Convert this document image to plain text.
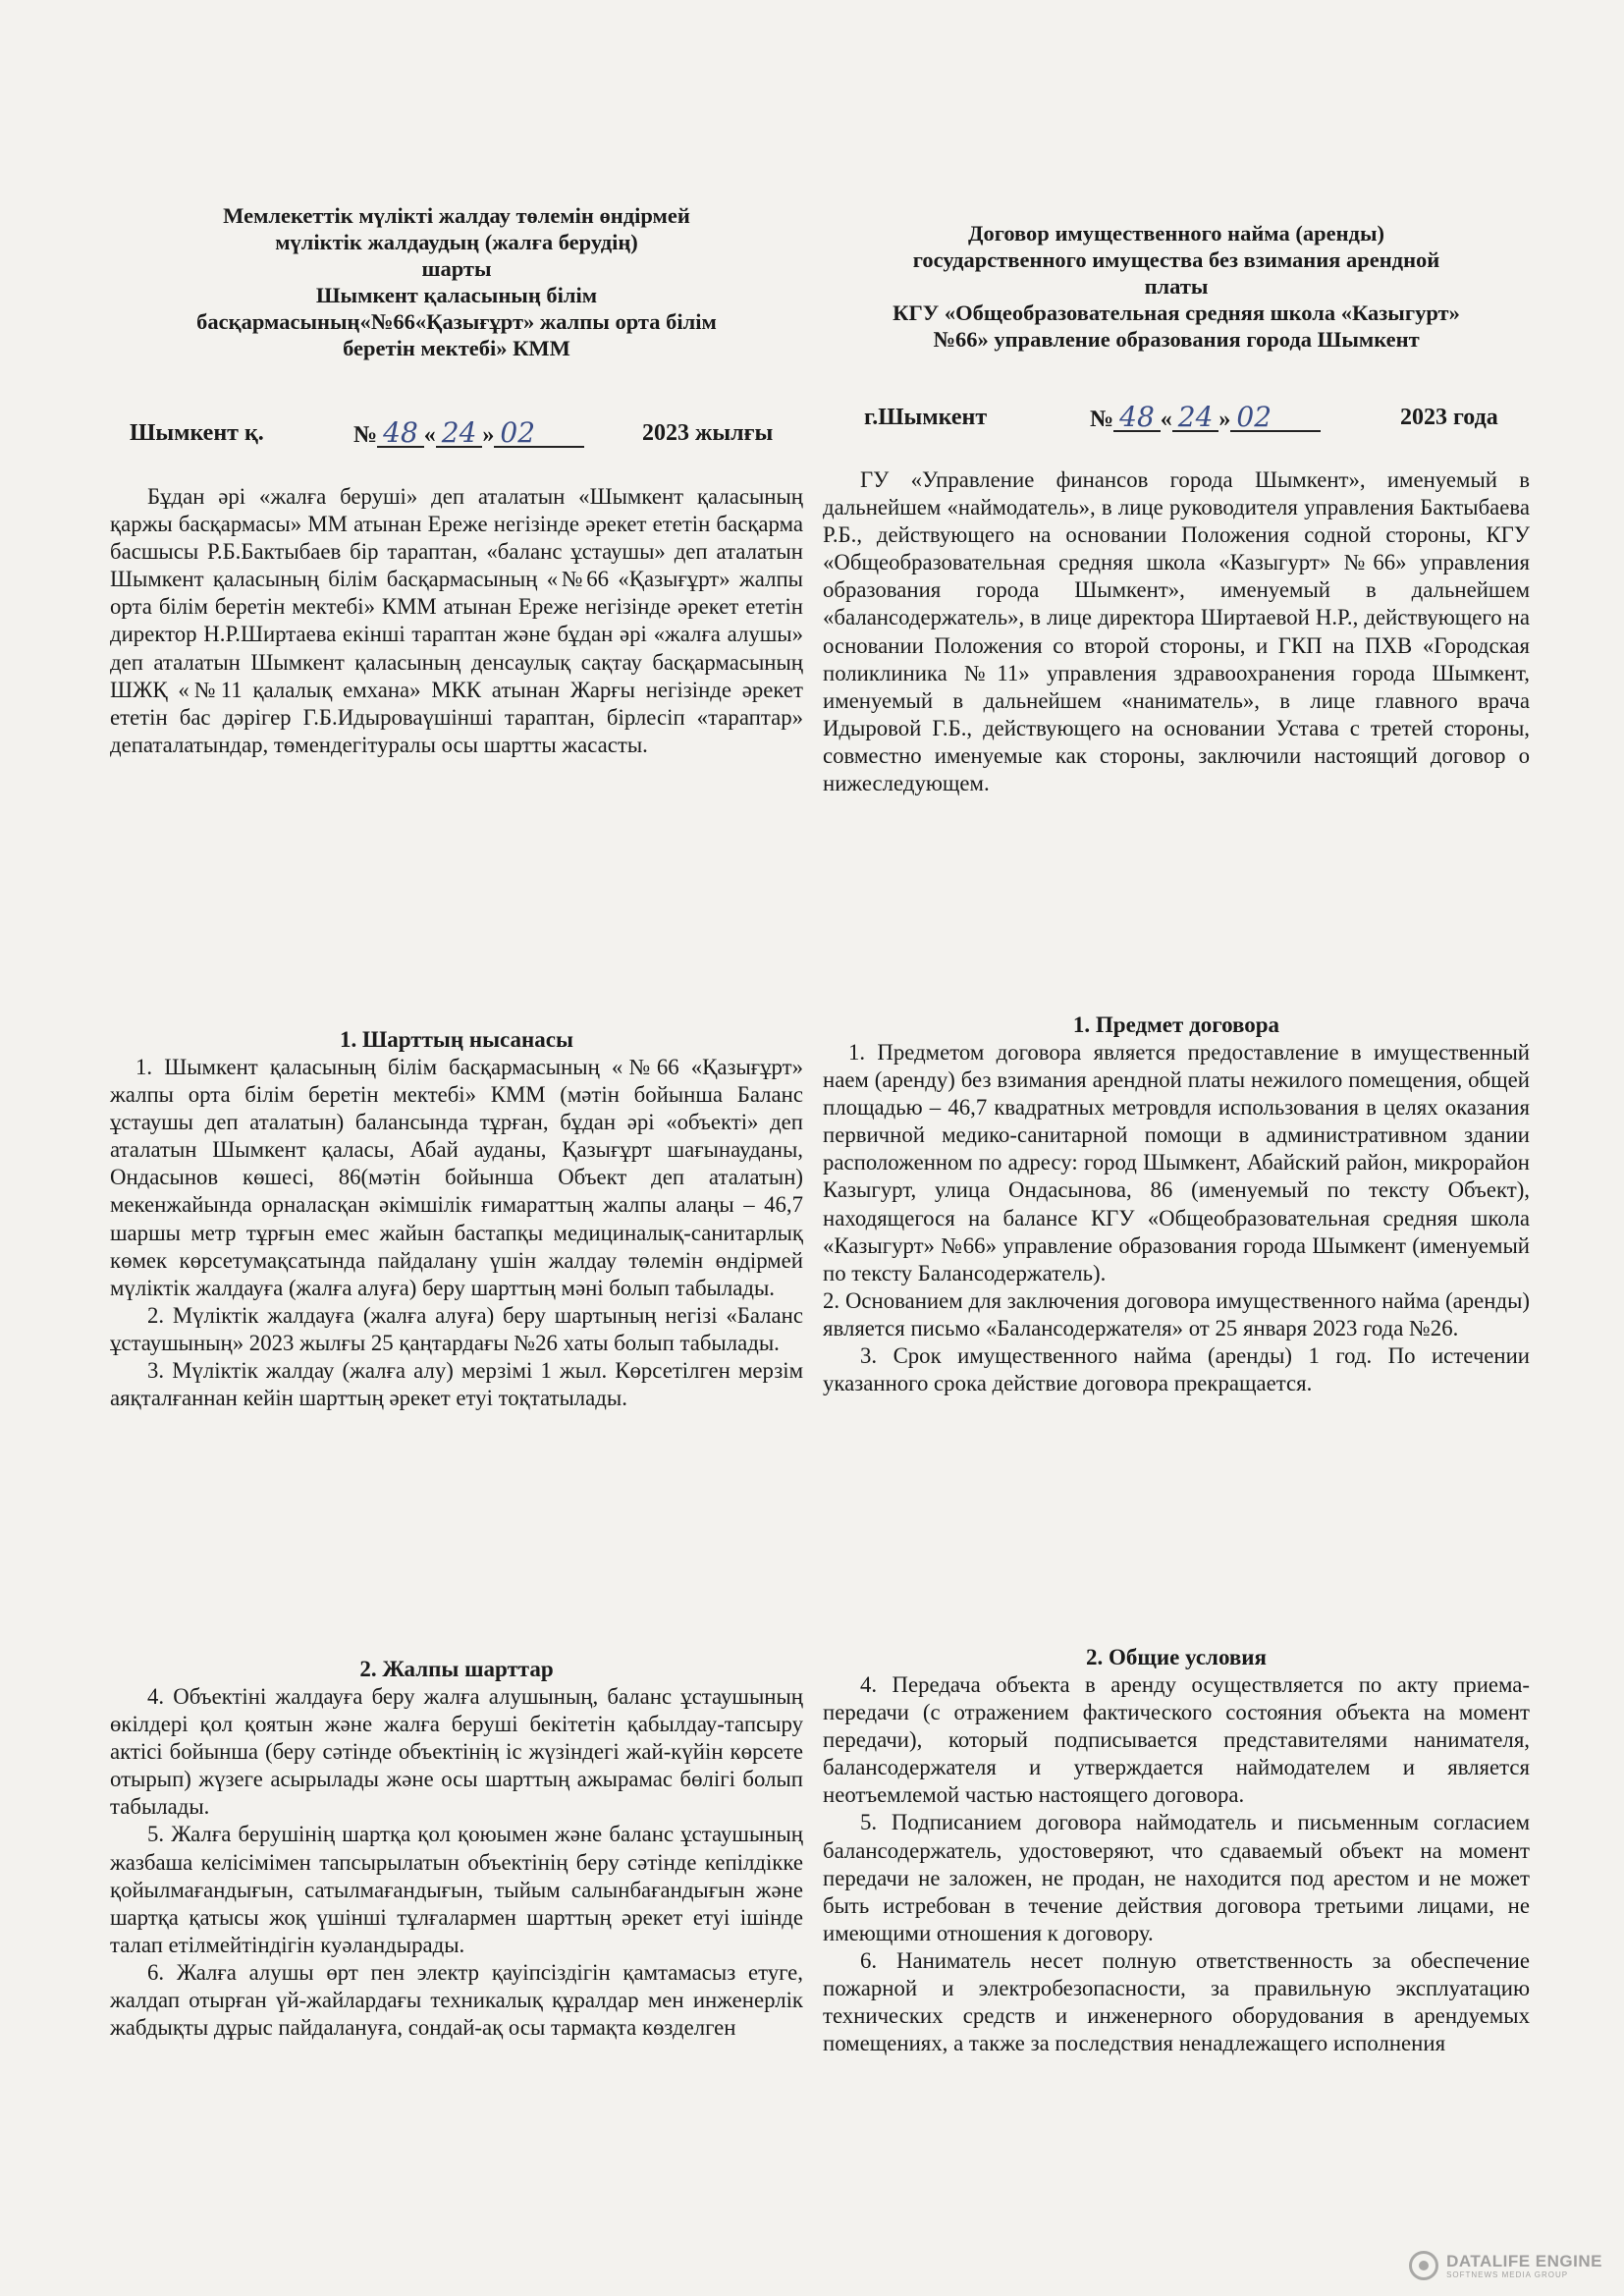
Мемлекеттік мүлікті жалдау төлемін өндірмей
мүліктік жалдаудың (жалға берудің)
шарты
Шымкент қаласының білім
басқармасының«№66«Қазығұрт» жалпы орта білім
беретін мектебі» КММ
Шымкент қ.	№ 48 « 24 » 02	2023 жылғы
Бұдан әрі «жалға беруші» деп аталатын «Шымкент қаласының қаржы басқармасы» ММ атынан Ереже негізінде әрекет ететін басқарма басшысы Р.Б.Бактыбаев бір тараптан, «баланс ұстаушы» деп аталатын Шымкент қаласының білім басқармасының «№66 «Қазығұрт» жалпы орта білім беретін мектебі» КММ атынан Ереже негізінде әрекет ететін директор Н.Р.Ширтаева екінші тараптан және бұдан әрі «жалға алушы» деп аталатын Шымкент қаласының денсаулық сақтау басқармасының ШЖҚ «№11 қалалық емхана» МКК атынан Жарғы негізінде әрекет ететін бас дәрігер Г.Б.Идыроваүшінші тараптан, бірлесіп «тараптар» депаталатындар, төмендегітуралы осы шартты жасасты.
1. Шарттың нысанасы

1. Шымкент қаласының білім басқармасының «№66 «Қазығұрт» жалпы орта білім беретін мектебі» КММ (мәтін бойынша Баланс ұстаушы деп аталатын) балансында тұрған, бұдан әрі «объекті» деп аталатын Шымкент қаласы, Абай ауданы, Қазығұрт шағынауданы, Ондасынов көшесі, 86(мәтін бойынша Объект деп аталатын) мекенжайында орналасқан әкімшілік ғимараттың жалпы алаңы – 46,7 шаршы метр тұрғын емес жайын бастапқы медициналық-санитарлық көмек көрсетумақсатында пайдалану үшін жалдау төлемін өндірмей мүліктік жалдауға (жалға алуға) беру шарттың мәні болып табылады.

2. Мүліктік жалдауға (жалға алуға) беру шартының негізі «Баланс ұстаушының» 2023 жылғы 25 қаңтардағы №26 хаты болып табылады.

3. Мүліктік жалдау (жалға алу) мерзімі 1 жыл. Көрсетілген мерзім аяқталғаннан кейін шарттың әрекет етуі тоқтатылады.

2. Жалпы шарттар

4. Объектіні жалдауға беру жалға алушының, баланс ұстаушының өкілдері қол қоятын және жалға беруші бекітетін қабылдау-тапсыру актісі бойынша (беру сәтінде объектінің іс жүзіндегі жай-күйін көрсете отырып) жүзеге асырылады және осы шарттың ажырамас бөлігі болып табылады.

5. Жалға берушінің шартқа қол қоюымен және баланс ұстаушының жазбаша келісімімен тапсырылатын объектінің беру сәтінде кепілдікке қойылмағандығын, сатылмағандығын, тыйым салынбағандығын және шартқа қатысы жоқ үшінші тұлғалармен шарттың әрекет етуі ішінде талап етілмейтіндігін куәландырады.

6. Жалға алушы өрт пен электр қауіпсіздігін қамтамасыз етуге, жалдап отырған үй-жайлардағы техникалық құралдар мен инженерлік жабдықты дұрыс пайдалануға, сондай-ақ осы тармақта көзделген

Договор имущественного найма (аренды)
государственного имущества без взимания арендной
платы
КГУ «Общеобразовательная средняя школа «Казыгурт»
№66» управление образования города Шымкент
г.Шымкент	№ 48 « 24 » 02	2023 года
ГУ «Управление финансов города Шымкент», именуемый в дальнейшем «наймодатель», в лице руководителя управления Бактыбаева Р.Б., действующего на основании Положения содной стороны, КГУ «Общеобразовательная средняя школа «Казыгурт» №66» управления образования города Шымкент», именуемый в дальнейшем «балансодержатель», в лице директора Ширтаевой Н.Р., действующего на основании Положения со второй стороны, и ГКП на ПХВ «Городская поликлиника №11» управления здравоохранения города Шымкент, именуемый в дальнейшем «наниматель», в лице главного врача Идыровой Г.Б., действующего на основании Устава с третей стороны, совместно именуемые как стороны, заключили настоящий договор о нижеследующем.
1. Предмет договора

1. Предметом договора является предоставление в имущественный наем (аренду) без взимания арендной платы нежилого помещения, общей площадью – 46,7 квадратных метровдля использования в целях оказания первичной медико-санитарной помощи в административном здании расположенном по адресу: город Шымкент, Абайский район, микрорайон Казыгурт, улица Ондасынова, 86 (именуемый по тексту Объект), находящегося на балансе КГУ «Общеобразовательная средняя школа «Казыгурт» №66» управление образования города Шымкент (именуемый по тексту Балансодержатель).

2. Основанием для заключения договора имущественного найма (аренды) является письмо «Балансодержателя» от 25 января 2023 года №26.

3. Срок имущественного найма (аренды) 1 год. По истечении указанного срока действие договора прекращается.

2. Общие условия

4. Передача объекта в аренду осуществляется по акту приема-передачи (с отражением фактического состояния объекта на момент передачи), который подписывается представителями нанимателя, балансодержателя и утверждается наймодателем и является неотъемлемой частью настоящего договора.

5. Подписанием договора наймодатель и письменным согласием балансодержатель, удостоверяют, что сдаваемый объект на момент передачи не заложен, не продан, не находится под арестом и не может быть истребован в течение действия договора третьими лицами, не имеющими отношения к договору.

6. Наниматель несет полную ответственность за обеспечение пожарной и электробезопасности, за правильную эксплуатацию технических средств и инженерного оборудования в арендуемых помещениях, а также за последствия ненадлежащего исполнения

DATALIFE ENGINE
SOFTNEWS MEDIA GROUP
